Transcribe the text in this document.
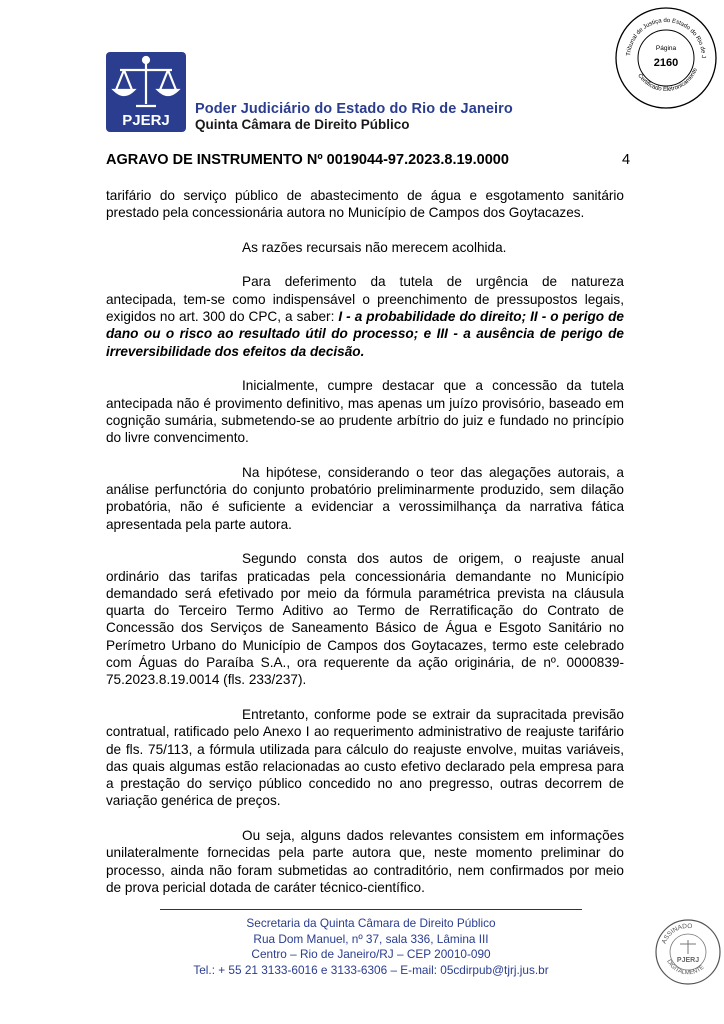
PJERJ
Poder Judiciário do Estado do Rio de Janeiro
Quinta Câmara de Direito Público
Tribunal de Justiça do Estado do Rio de J
Certificado Eletronicamente
Página
2160
AGRAVO DE INSTRUMENTO Nº 0019044-97.2023.8.19.0000	4

tarifário do serviço público de abastecimento de água e esgotamento sanitário prestado pela concessionária autora no Município de Campos dos Goytacazes.

As razões recursais não merecem acolhida.

Para deferimento da tutela de urgência de natureza antecipada, tem-se como indispensável o preenchimento de pressupostos legais, exigidos no art. 300 do CPC, a saber: I - a probabilidade do direito; II - o perigo de dano ou o risco ao resultado útil do processo; e III - a ausência de perigo de irreversibilidade dos efeitos da decisão.

Inicialmente, cumpre destacar que a concessão da tutela antecipada não é provimento definitivo, mas apenas um juízo provisório, baseado em cognição sumária, submetendo-se ao prudente arbítrio do juiz e fundado no princípio do livre convencimento.

Na hipótese, considerando o teor das alegações autorais, a análise perfunctória do conjunto probatório preliminarmente produzido, sem dilação probatória, não é suficiente a evidenciar a verossimilhança da narrativa fática apresentada pela parte autora.

Segundo consta dos autos de origem, o reajuste anual ordinário das tarifas praticadas pela concessionária demandante no Município demandado será efetivado por meio da fórmula paramétrica prevista na cláusula quarta do Terceiro Termo Aditivo ao Termo de Rerratificação do Contrato de Concessão dos Serviços de Saneamento Básico de Água e Esgoto Sanitário no Perímetro Urbano do Município de Campos dos Goytacazes, termo este celebrado com Águas do Paraíba S.A., ora requerente da ação originária, de nº. 0000839-75.2023.8.19.0014 (fls. 233/237).

Entretanto, conforme pode se extrair da supracitada previsão contratual, ratificado pelo Anexo I ao requerimento administrativo de reajuste tarifário de fls. 75/113, a fórmula utilizada para cálculo do reajuste envolve, muitas variáveis, das quais algumas estão relacionadas ao custo efetivo declarado pela empresa para a prestação do serviço público concedido no ano pregresso, outras decorrem de variação genérica de preços.

Ou seja, alguns dados relevantes consistem em informações unilateralmente fornecidas pela parte autora que, neste momento preliminar do processo, ainda não foram submetidas ao contraditório, nem confirmados por meio de prova pericial dotada de caráter técnico-científico.

Secretaria da Quinta Câmara de Direito Público
Rua Dom Manuel, nº 37, sala 336, Lâmina III
Centro – Rio de Janeiro/RJ – CEP 20010-090
Tel.: + 55 21 3133-6016 e 3133-6306 – E-mail: 05cdirpub@tjrj.jus.br
ASSINADO
DIGITALMENTE
PJERJ
